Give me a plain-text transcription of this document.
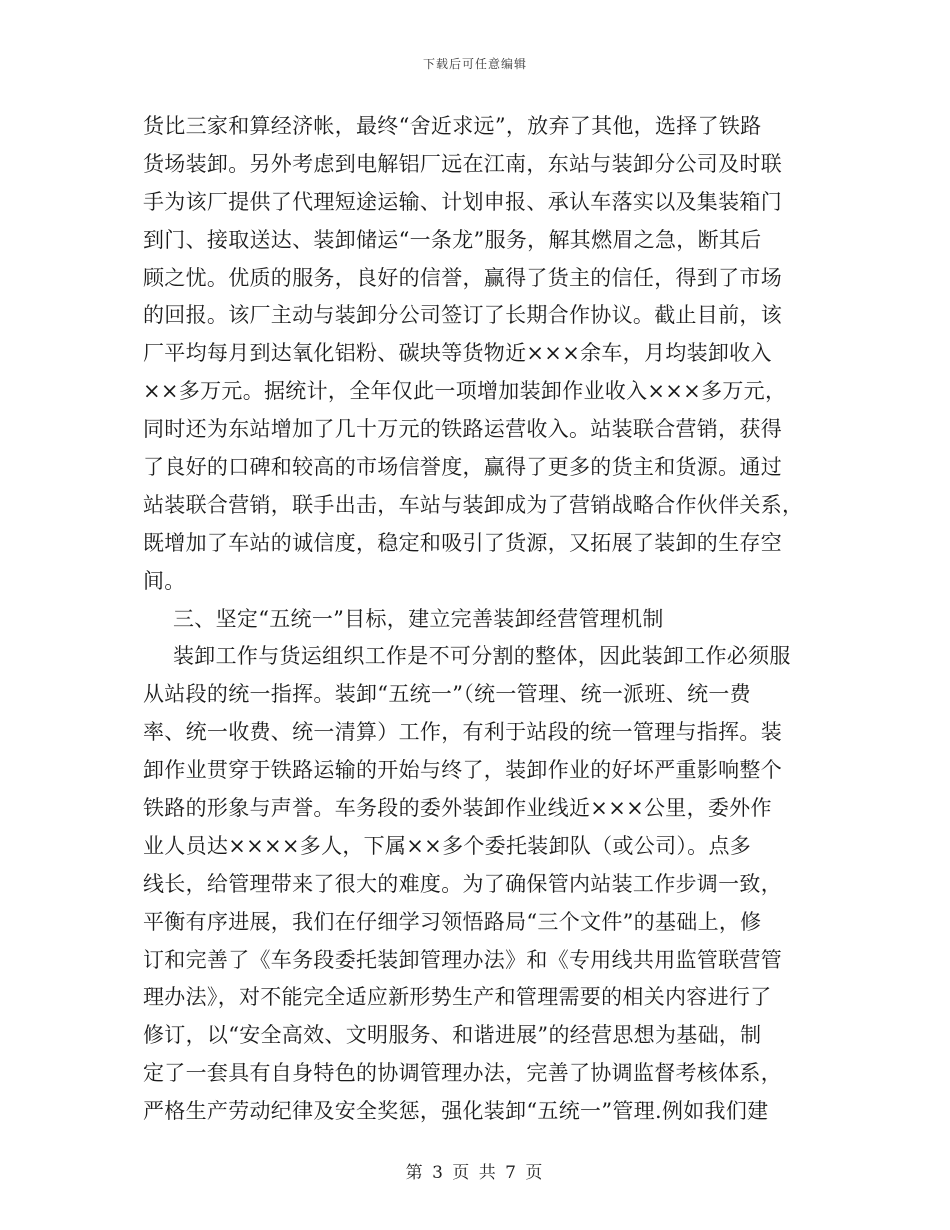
下载后可任意编辑
货比三家和算经济帐，最终“舍近求远”，放弃了其他，选择了铁路
货场装卸。另外考虑到电解铝厂远在江南，东站与装卸分公司及时联
手为该厂提供了代理短途运输、计划申报、承认车落实以及集装箱门
到门、接取送达、装卸储运“一条龙”服务，解其燃眉之急，断其后
顾之忧。优质的服务，良好的信誉，赢得了货主的信任，得到了市场
的回报。该厂主动与装卸分公司签订了长期合作协议。截止目前，该
厂平均每月到达氧化铝粉、碳块等货物近×××余车，月均装卸收入
××多万元。据统计，全年仅此一项增加装卸作业收入×××多万元，
同时还为东站增加了几十万元的铁路运营收入。站装联合营销，获得
了良好的口碑和较高的市场信誉度，赢得了更多的货主和货源。通过
站装联合营销，联手出击，车站与装卸成为了营销战略合作伙伴关系，
既增加了车站的诚信度，稳定和吸引了货源，又拓展了装卸的生存空
间。
三、坚定“五统一”目标，建立完善装卸经营管理机制
装卸工作与货运组织工作是不可分割的整体，因此装卸工作必须服
从站段的统一指挥。装卸“五统一”（统一管理、统一派班、统一费
率、统一收费、统一清算）工作，有利于站段的统一管理与指挥。装
卸作业贯穿于铁路运输的开始与终了，装卸作业的好坏严重影响整个
铁路的形象与声誉。车务段的委外装卸作业线近×××公里，委外作
业人员达××××多人，下属××多个委托装卸队（或公司）。点多
线长，给管理带来了很大的难度。为了确保管内站装工作步调一致，
平衡有序进展，我们在仔细学习领悟路局“三个文件”的基础上，修
订和完善了《车务段委托装卸管理办法》和《专用线共用监管联营管
理办法》，对不能完全适应新形势生产和管理需要的相关内容进行了
修订，以“安全高效、文明服务、和谐进展”的经营思想为基础，制
定了一套具有自身特色的协调管理办法，完善了协调监督考核体系，
严格生产劳动纪律及安全奖惩，强化装卸“五统一”管理.例如我们建
第 3 页 共 7 页
